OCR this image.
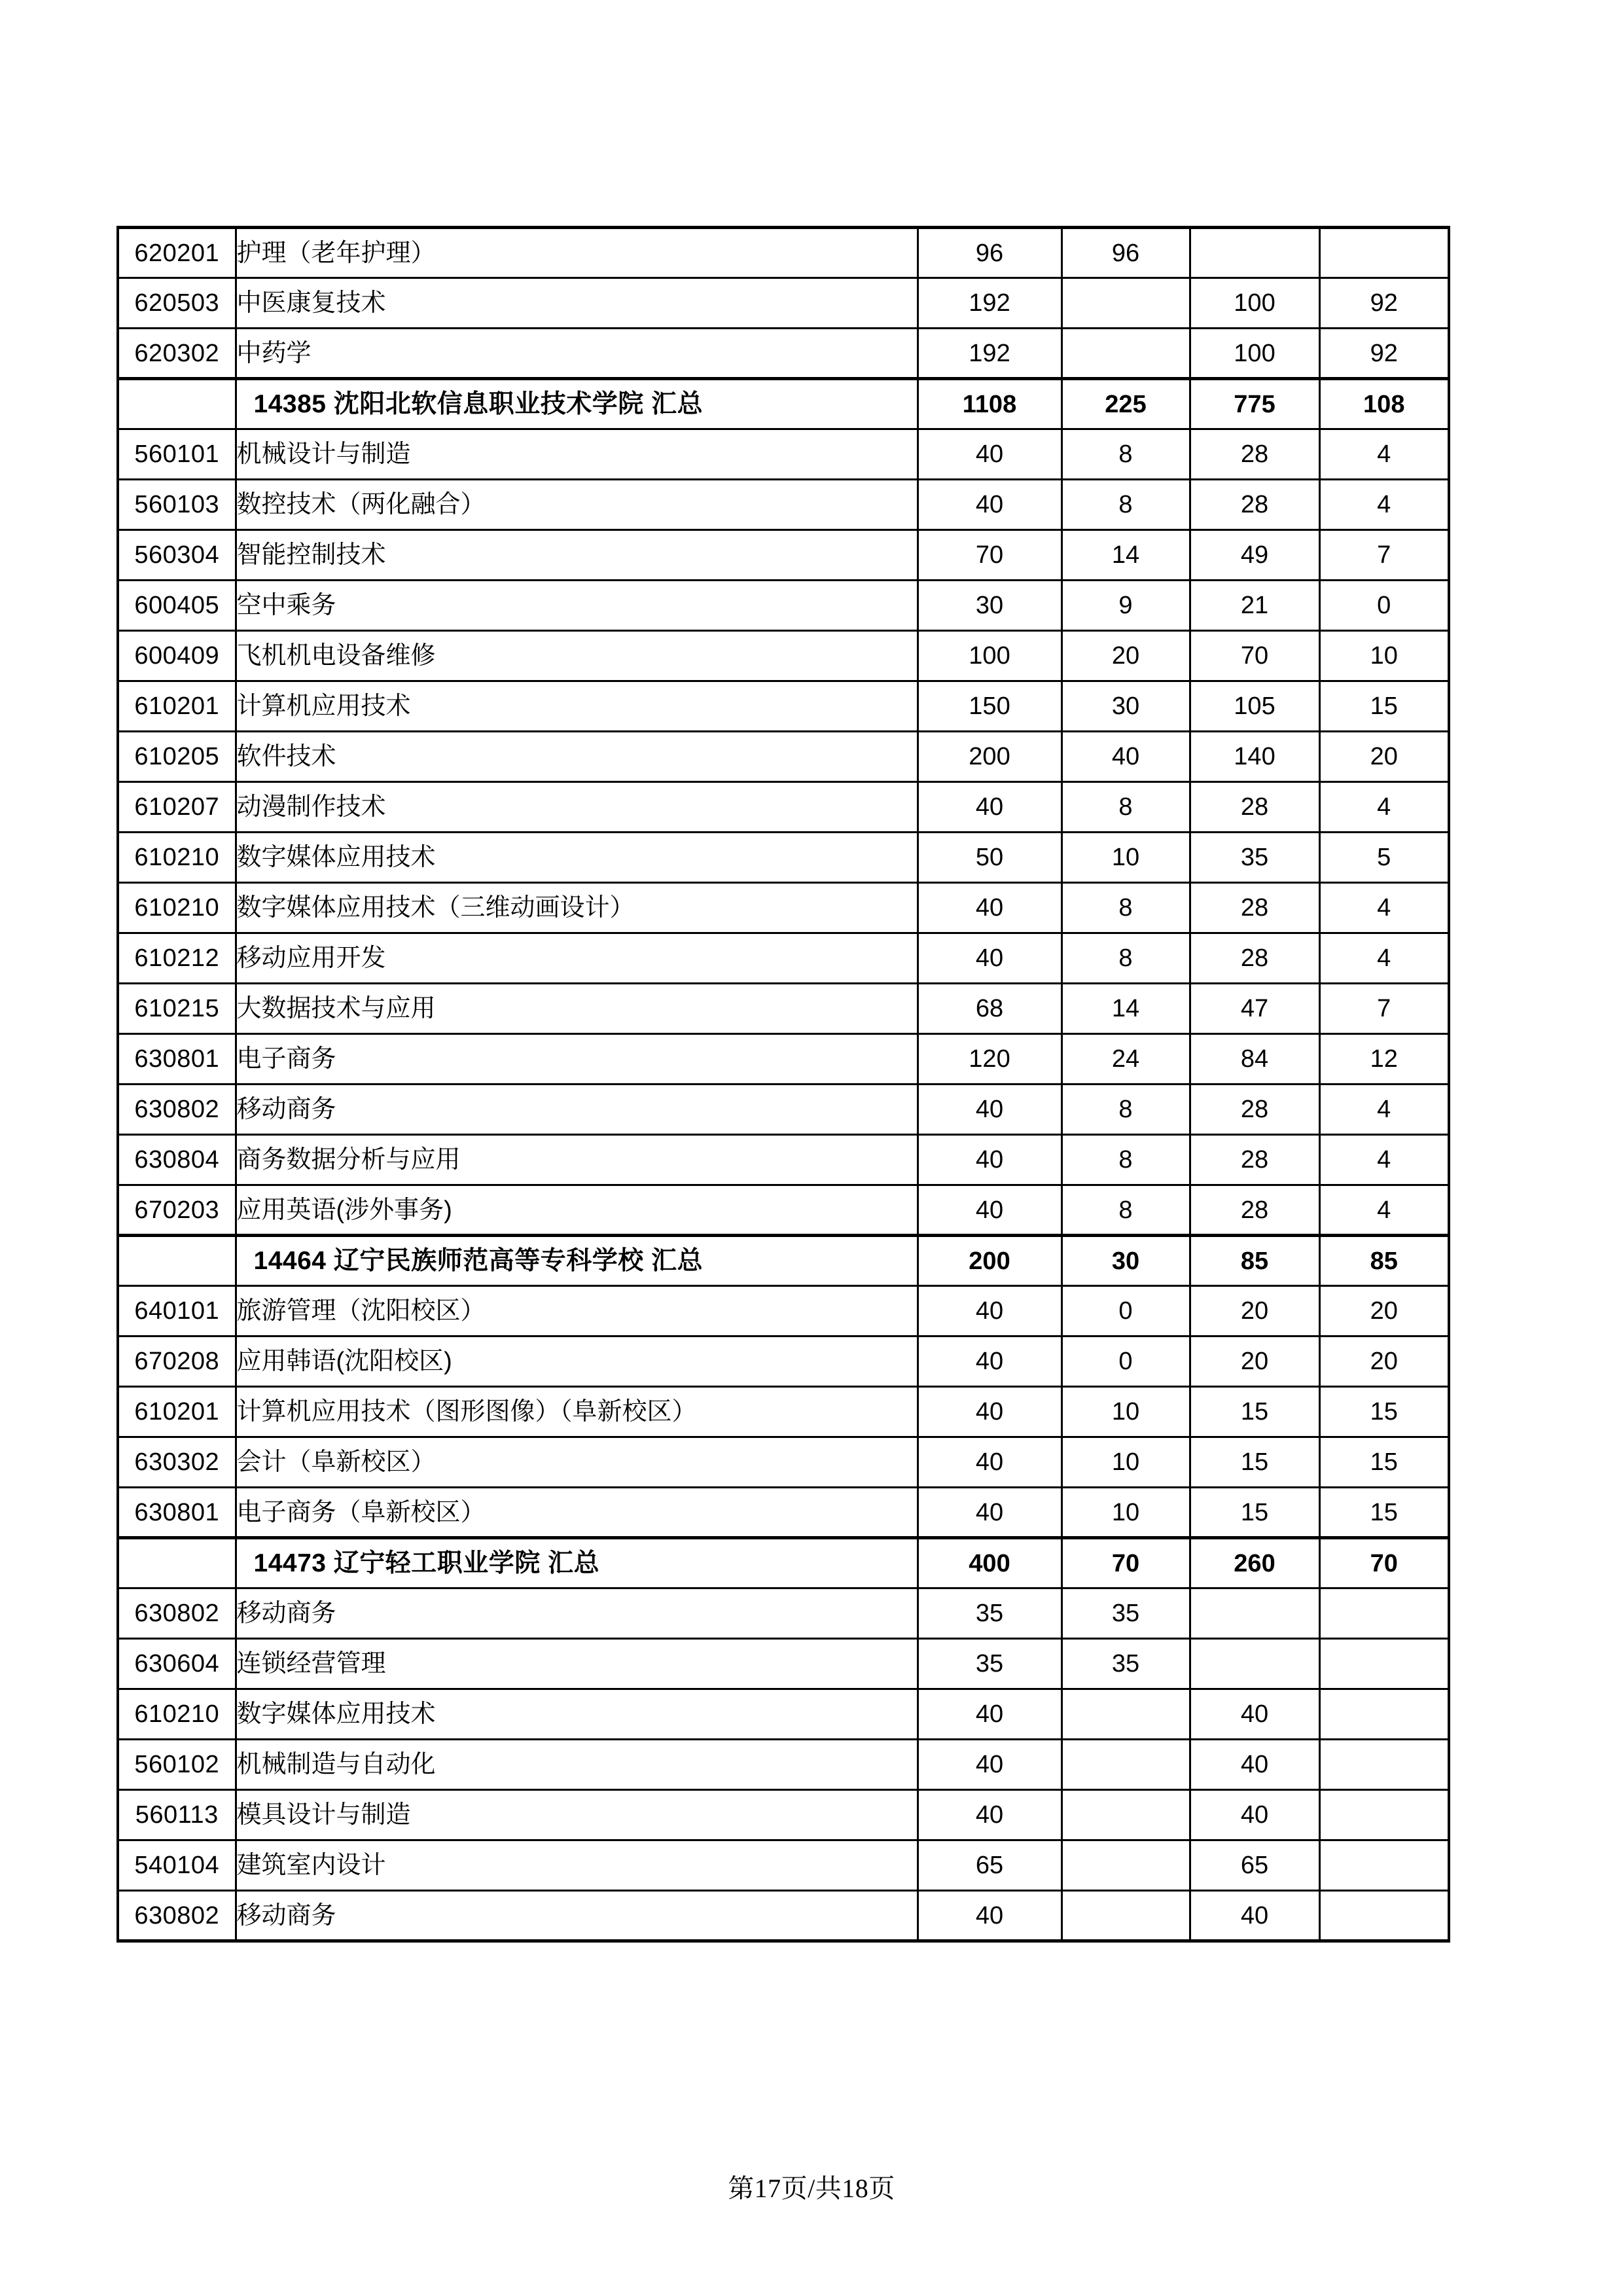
620201	护理（老年护理）	96	96		
620503	中医康复技术	192		100	92
620302	中药学	192		100	92
	14385 沈阳北软信息职业技术学院 汇总	1108	225	775	108
560101	机械设计与制造	40	8	28	4
560103	数控技术（两化融合）	40	8	28	4
560304	智能控制技术	70	14	49	7
600405	空中乘务	30	9	21	0
600409	飞机机电设备维修	100	20	70	10
610201	计算机应用技术	150	30	105	15
610205	软件技术	200	40	140	20
610207	动漫制作技术	40	8	28	4
610210	数字媒体应用技术	50	10	35	5
610210	数字媒体应用技术（三维动画设计）	40	8	28	4
610212	移动应用开发	40	8	28	4
610215	大数据技术与应用	68	14	47	7
630801	电子商务	120	24	84	12
630802	移动商务	40	8	28	4
630804	商务数据分析与应用	40	8	28	4
670203	应用英语(涉外事务)	40	8	28	4
	14464 辽宁民族师范高等专科学校 汇总	200	30	85	85
640101	旅游管理（沈阳校区）	40	0	20	20
670208	应用韩语(沈阳校区)	40	0	20	20
610201	计算机应用技术（图形图像）（阜新校区）	40	10	15	15
630302	会计（阜新校区）	40	10	15	15
630801	电子商务（阜新校区）	40	10	15	15
	14473 辽宁轻工职业学院 汇总	400	70	260	70
630802	移动商务	35	35		
630604	连锁经营管理	35	35		
610210	数字媒体应用技术	40		40	
560102	机械制造与自动化	40		40	
560113	模具设计与制造	40		40	
540104	建筑室内设计	65		65	
630802	移动商务	40		40	
第17页/共18页
